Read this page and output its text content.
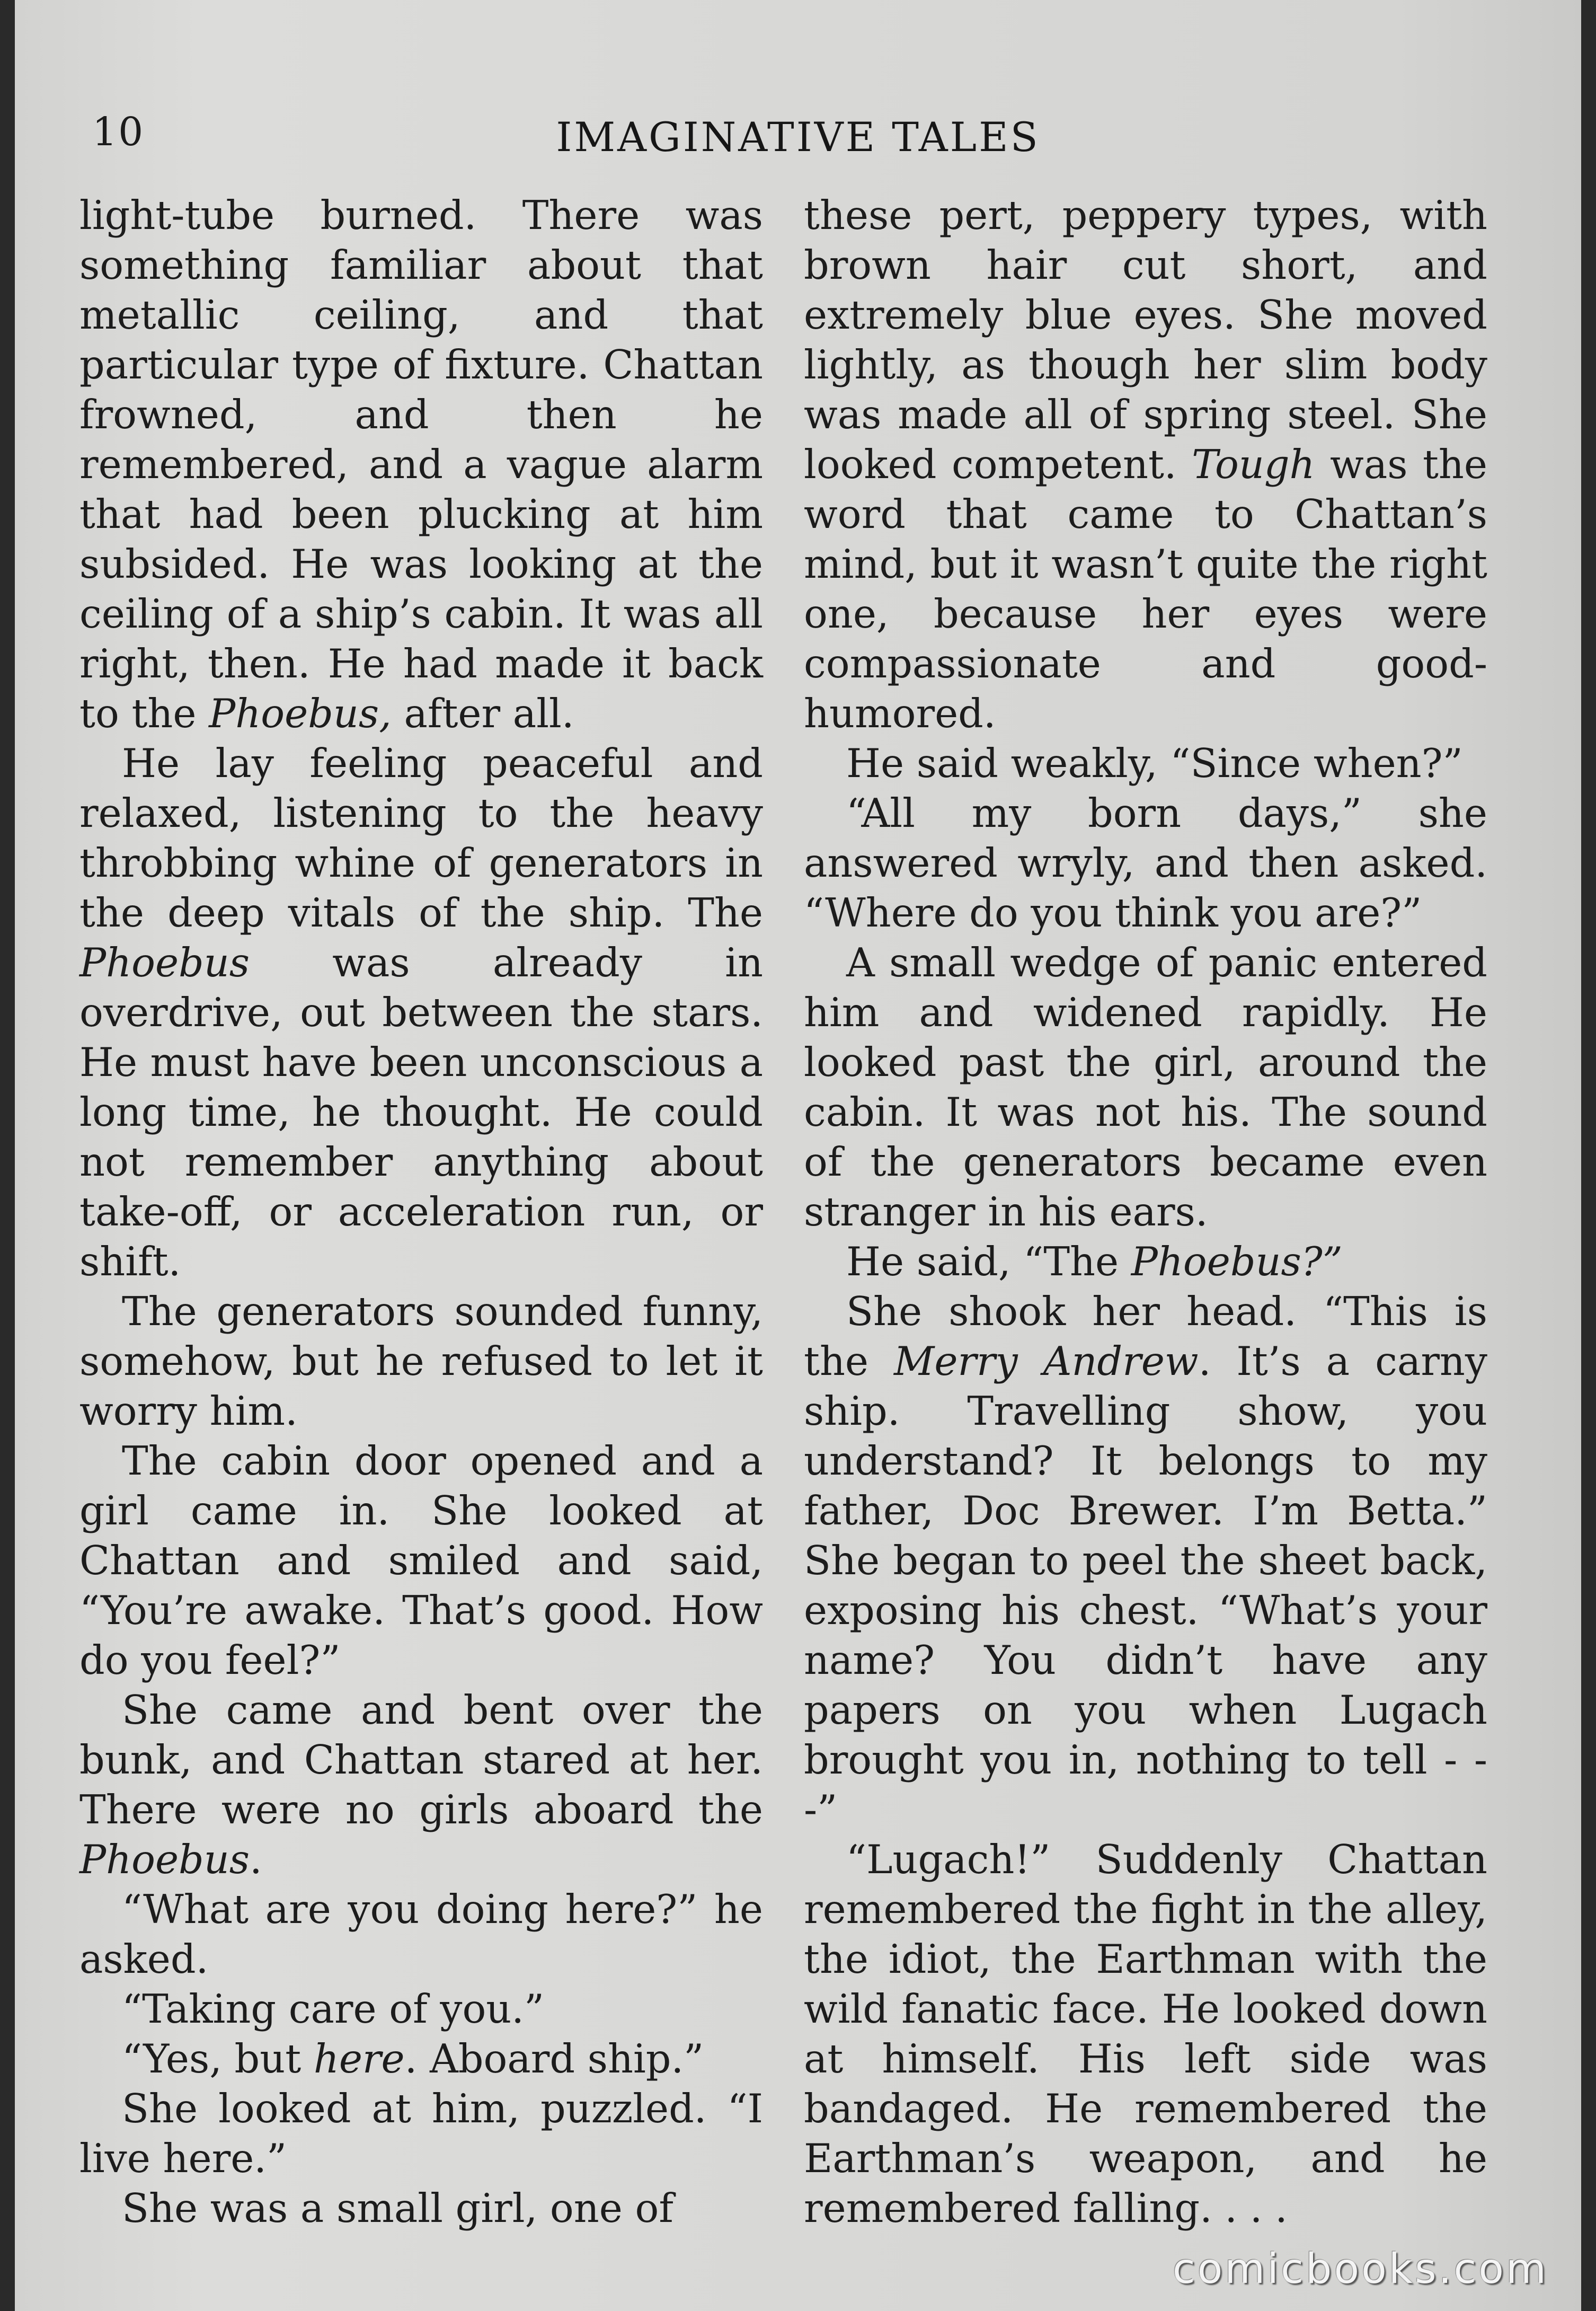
10	IMAGINATIVE TALES

light-tube burned. There was something familiar about that metallic ceiling, and that particular type of fixture. Chattan frowned, and then he remembered, and a vague alarm that had been plucking at him subsided. He was looking at the ceiling of a ship’s cabin. It was all right, then. He had made it back to the Phoebus, after all.

He lay feeling peaceful and relaxed, listening to the heavy throbbing whine of generators in the deep vitals of the ship. The Phoebus was already in overdrive, out between the stars. He must have been unconscious a long time, he thought. He could not remember anything about take-off, or acceleration run, or shift.

The generators sounded funny, somehow, but he refused to let it worry him.

The cabin door opened and a girl came in. She looked at Chattan and smiled and said, “You’re awake. That’s good. How do you feel?”

She came and bent over the bunk, and Chattan stared at her. There were no girls aboard the Phoebus.

“What are you doing here?” he asked.

“Taking care of you.”

“Yes, but here. Aboard ship.”

She looked at him, puzzled. “I live here.”

She was a small girl, one of

these pert, peppery types, with brown hair cut short, and extremely blue eyes. She moved lightly, as though her slim body was made all of spring steel. She looked competent. Tough was the word that came to Chattan’s mind, but it wasn’t quite the right one, because her eyes were compassionate and good-humored.

He said weakly, “Since when?”

“All my born days,” she answered wryly, and then asked. “Where do you think you are?”

A small wedge of panic entered him and widened rapidly. He looked past the girl, around the cabin. It was not his. The sound of the generators became even stranger in his ears.

He said, “The Phoebus?”

She shook her head. “This is the Merry Andrew. It’s a carny ship. Travelling show, you understand? It belongs to my father, Doc Brewer. I’m Betta.” She began to peel the sheet back, exposing his chest. “What’s your name? You didn’t have any papers on you when Lugach brought you in, nothing to tell - - -”

“Lugach!” Suddenly Chattan remembered the fight in the alley, the idiot, the Earthman with the wild fanatic face. He looked down at himself. His left side was bandaged. He remembered the Earthman’s weapon, and he remembered falling. . . .

comicbooks.com
